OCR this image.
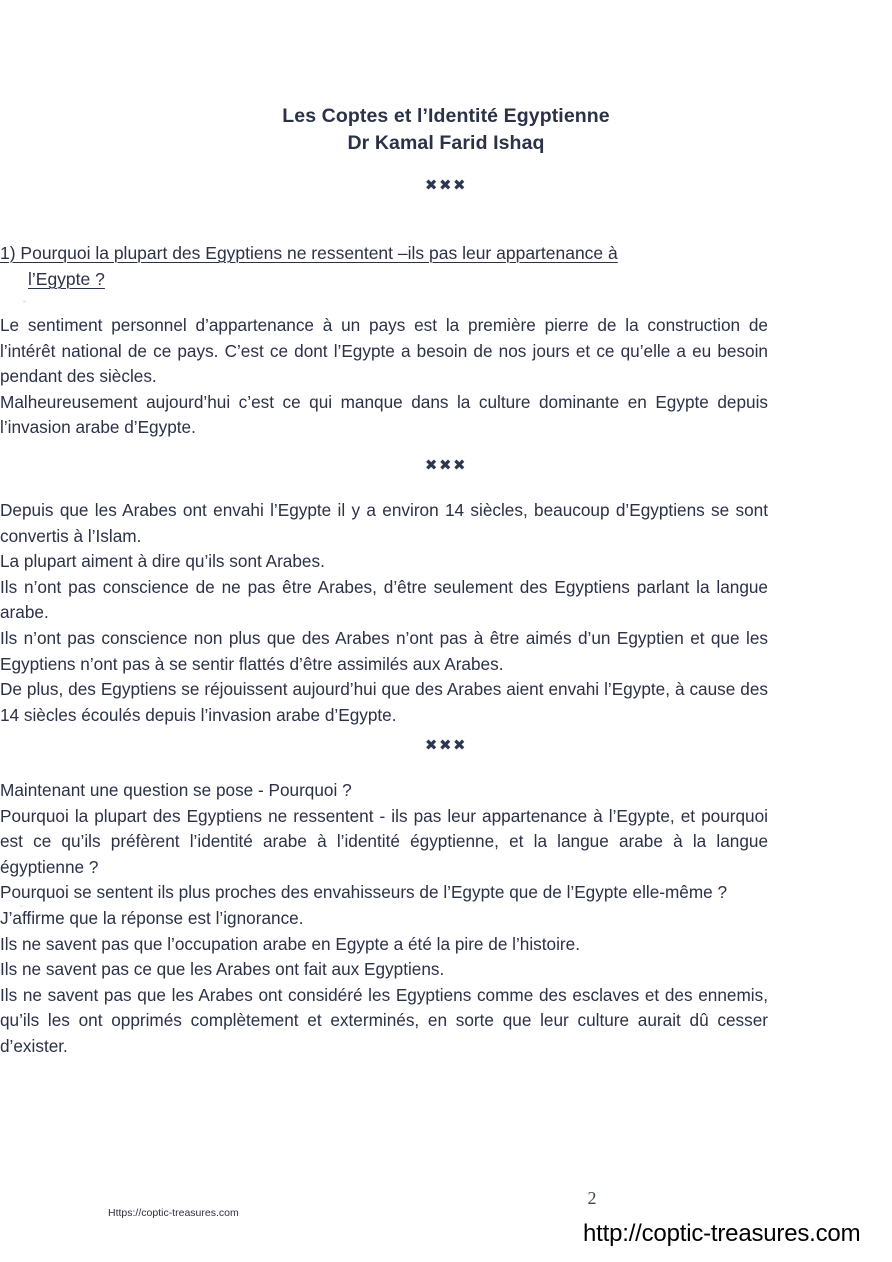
Les Coptes et l’Identité Egyptienne
Dr Kamal Farid Ishaq
✖✖✖
1) Pourquoi la plupart des Egyptiens ne ressentent –ils pas leur appartenance à
l’Egypte ?

Le sentiment personnel d’appartenance à un pays est la première pierre de la construction de l’intérêt national de ce pays. C’est ce dont l’Egypte a besoin de nos jours et ce qu’elle a eu besoin pendant des siècles.

Malheureusement aujourd’hui c’est ce qui manque dans la culture dominante en Egypte depuis l’invasion arabe d’Egypte.

✖✖✖

Depuis que les Arabes ont envahi l’Egypte il y a environ 14 siècles, beaucoup d’Egyptiens se sont convertis à l’Islam.

La plupart aiment à dire qu’ils sont Arabes.

Ils n’ont pas conscience de ne pas être Arabes, d’être seulement des Egyptiens parlant la langue arabe.

Ils n’ont pas conscience non plus que des Arabes n’ont pas à être aimés d’un Egyptien et que les Egyptiens n’ont pas à se sentir flattés d’être assimilés aux Arabes.

De plus, des Egyptiens se réjouissent aujourd’hui que des Arabes aient envahi l’Egypte, à cause des 14 siècles écoulés depuis l’invasion arabe d’Egypte.

✖✖✖

Maintenant une question se pose - Pourquoi ?

Pourquoi la plupart des Egyptiens ne ressentent - ils pas leur appartenance à l’Egypte, et pourquoi est ce qu’ils préfèrent l’identité arabe à l’identité égyptienne, et la langue arabe à la langue égyptienne ?

Pourquoi se sentent ils plus proches des envahisseurs de l’Egypte que de l’Egypte elle-même ?

J’affirme que la réponse est l’ignorance.

Ils ne savent pas que l’occupation arabe en Egypte a été la pire de l’histoire.

Ils ne savent pas ce que les Arabes ont fait aux Egyptiens.

Ils ne savent pas que les Arabes ont considéré les Egyptiens comme des esclaves et des ennemis, qu’ils les ont opprimés complètement et exterminés, en sorte que leur culture aurait dû cesser d’exister.

Https://coptic-treasures.com
2
http://coptic-treasures.com
